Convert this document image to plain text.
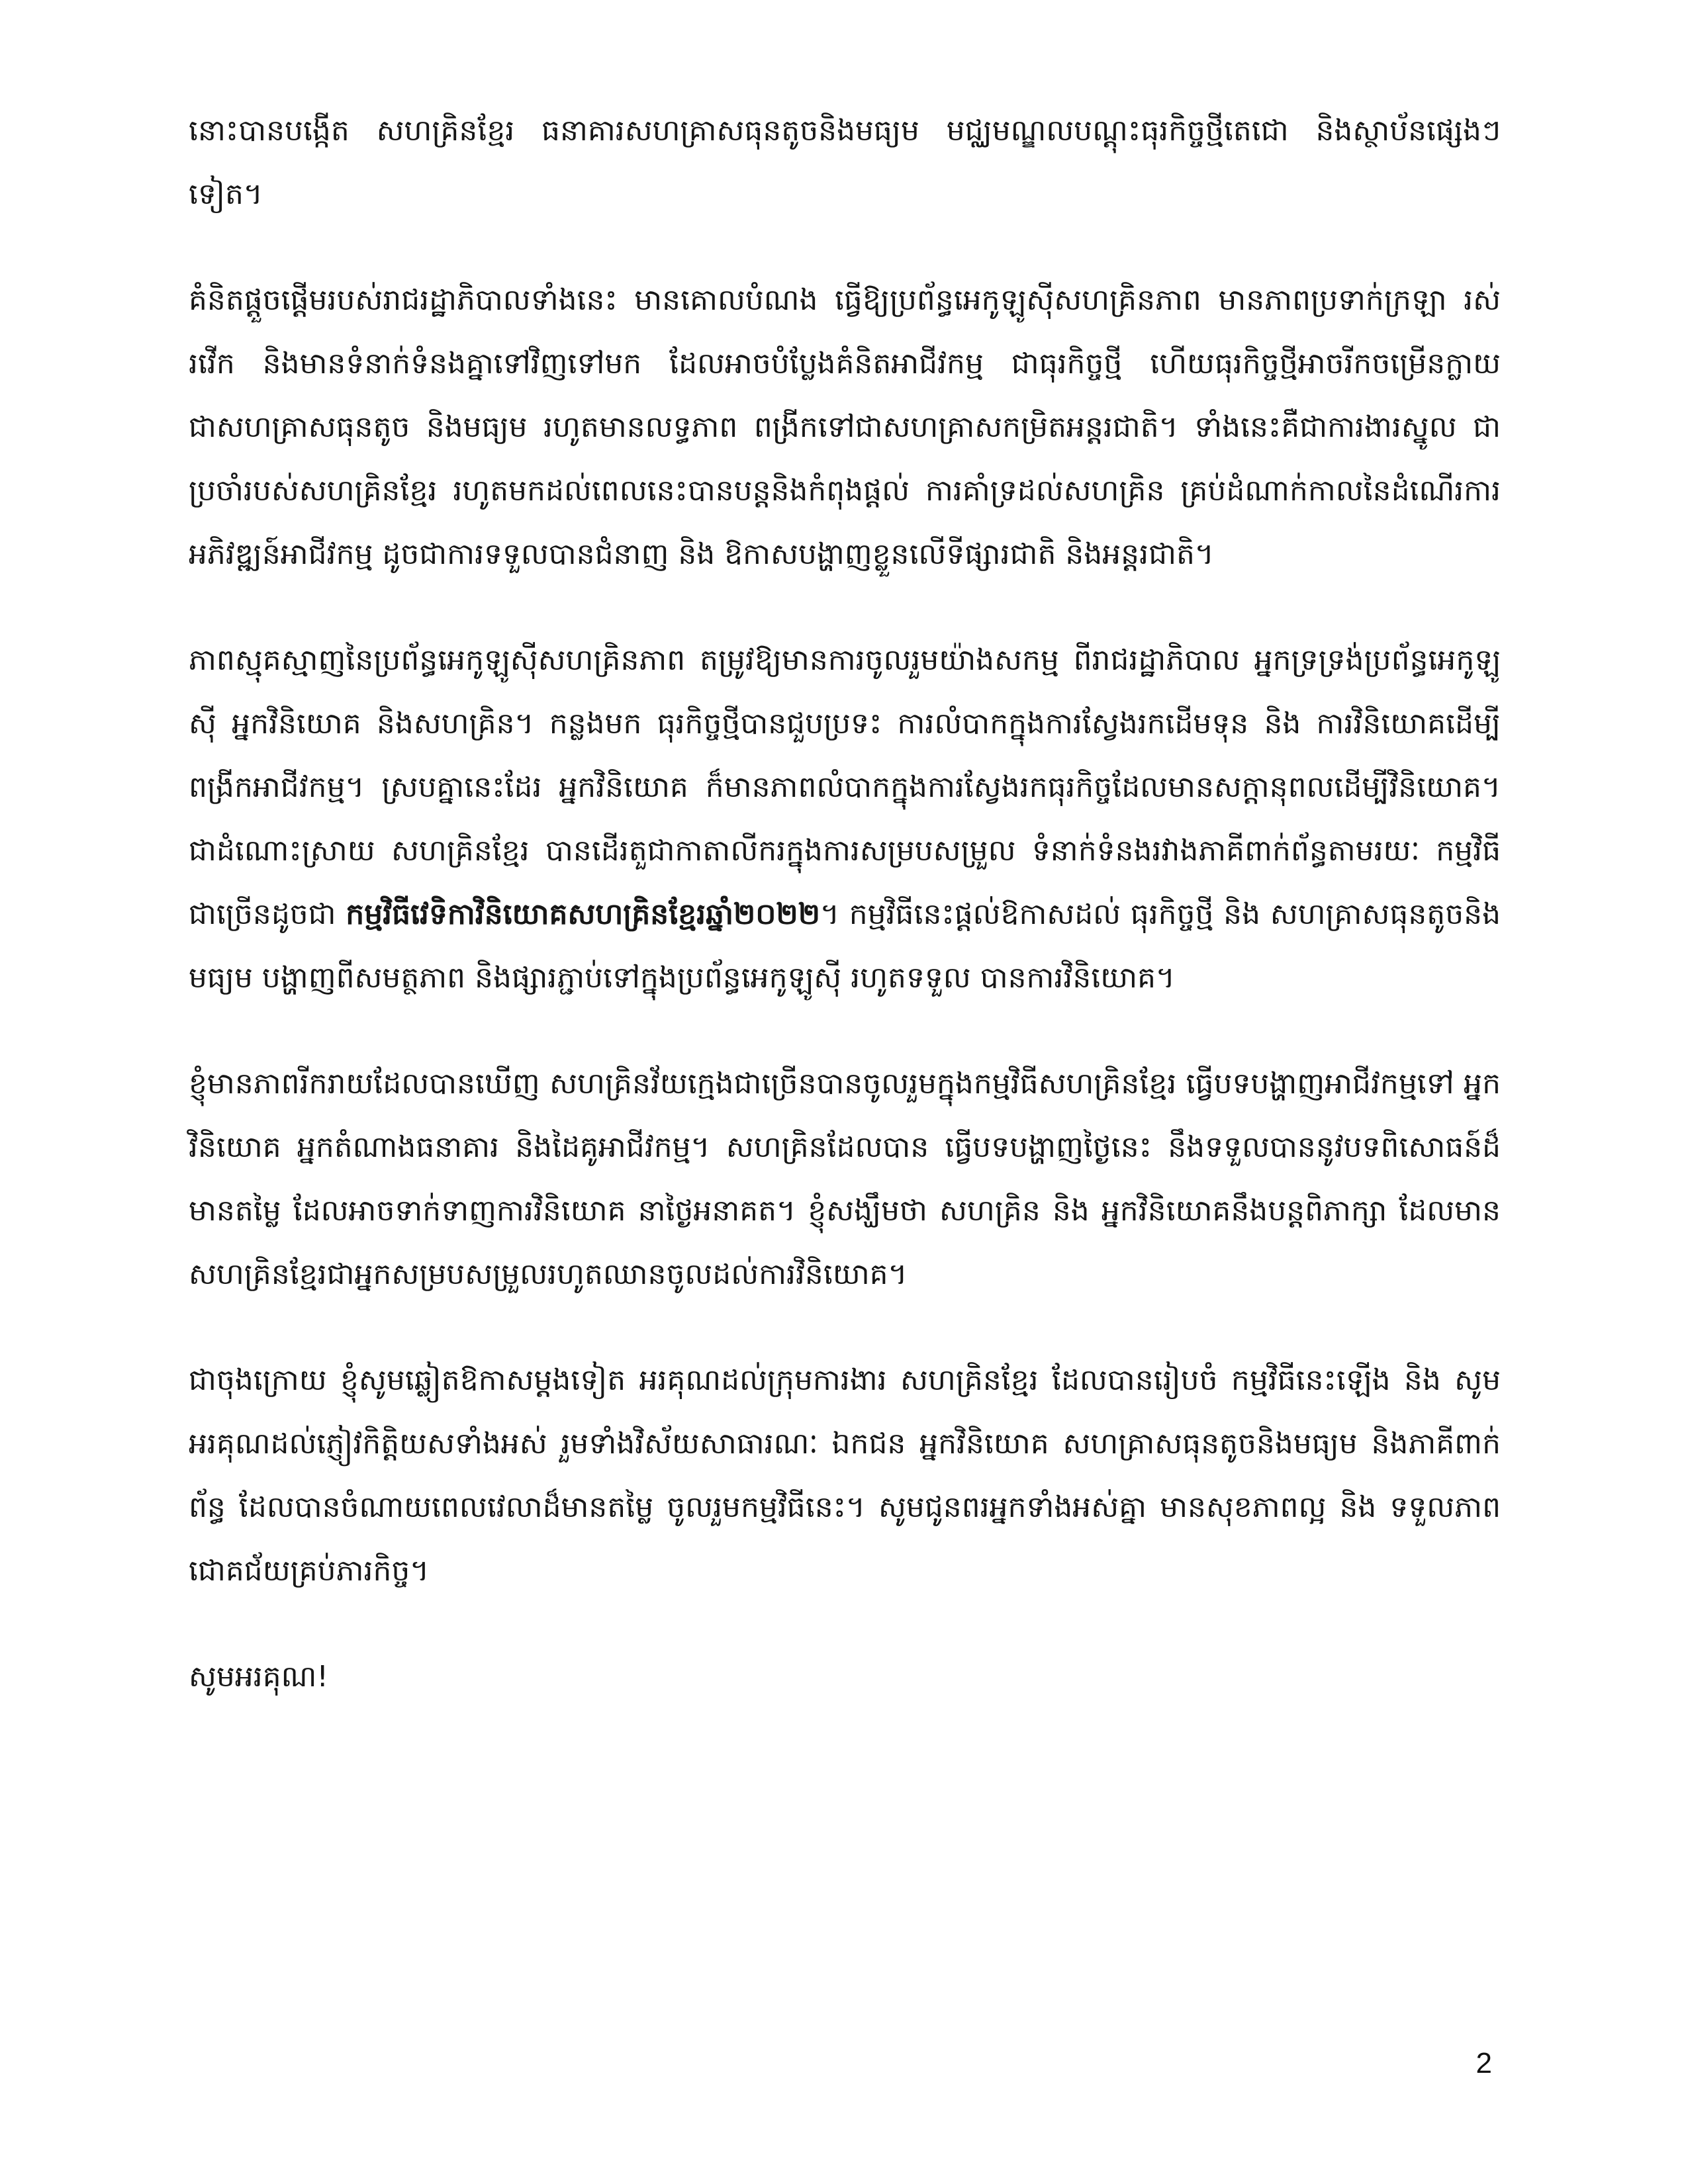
នោះបានបង្កើត សហគ្រិនខ្មែរ ធនាគារសហគ្រាសធុនតូចនិងមធ្យម មជ្ឈមណ្ឌលបណ្តុះធុរកិច្ចថ្មីតេជោ និងស្ថាប័នផ្សេងៗទៀត។
គំនិតផ្តួចផ្តើមរបស់រាជរដ្ឋាភិបាលទាំងនេះ មានគោលបំណង ធ្វើឱ្យប្រព័ន្ធអេកូឡូស៊ីសហគ្រិនភាព មានភាពប្រទាក់ក្រឡា រស់រវើក និងមានទំនាក់ទំនងគ្នាទៅវិញទៅមក ដែលអាចបំប្លែងគំនិតអាជីវកម្ម ជាធុរកិច្ចថ្មី ហើយធុរកិច្ចថ្មីអាចរីកចម្រើនក្លាយជាសហគ្រាសធុនតូច និងមធ្យម រហូតមានលទ្ធភាព ពង្រីកទៅជាសហគ្រាសកម្រិតអន្តរជាតិ។ ទាំងនេះគឺជាការងារស្នូល ជាប្រចាំរបស់សហគ្រិនខ្មែរ រហូតមកដល់ពេលនេះបានបន្តនិងកំពុងផ្តល់ ការគាំទ្រដល់សហគ្រិន គ្រប់ដំណាក់កាលនៃដំណើរការ អភិវឌ្ឍន៍អាជីវកម្ម ដូចជាការទទួលបានជំនាញ និង ឱកាសបង្ហាញខ្លួនលើទីផ្សារជាតិ និងអន្តរជាតិ។
ភាពស្មុគស្មាញនៃប្រព័ន្ធអេកូឡូស៊ីសហគ្រិនភាព តម្រូវឱ្យមានការចូលរួមយ៉ាងសកម្ម ពីរាជរដ្ឋាភិបាល អ្នកទ្រទ្រង់ប្រព័ន្ធអេកូឡូស៊ី អ្នកវិនិយោគ និងសហគ្រិន។ កន្លងមក ធុរកិច្ចថ្មីបានជួបប្រទះ ការលំបាកក្នុងការស្វែងរកដើមទុន និង ការវិនិយោគដើម្បីពង្រីកអាជីវកម្ម។ ស្របគ្នានេះដែរ អ្នកវិនិយោគ ក៏មានភាពលំបាកក្នុងការស្វែងរកធុរកិច្ចដែលមានសក្តានុពលដើម្បីវិនិយោគ។ ជាដំណោះស្រាយ សហគ្រិនខ្មែរ បានដើរតួជាកាតាលីករក្នុងការសម្របសម្រួល ទំនាក់ទំនងរវាងភាគីពាក់ព័ន្ធតាមរយៈ កម្មវិធីជាច្រើនដូចជា កម្មវិធីវេទិកាវិនិយោគសហគ្រិនខ្មែរឆ្នាំ២០២២។ កម្មវិធីនេះផ្តល់ឱកាសដល់ ធុរកិច្ចថ្មី និង សហគ្រាសធុនតូចនិងមធ្យម បង្ហាញពីសមត្ថភាព និងផ្សារភ្ជាប់ទៅក្នុងប្រព័ន្ធអេកូឡូស៊ី រហូតទទួល បានការវិនិយោគ។
ខ្ញុំមានភាពរីករាយដែលបានឃើញ សហគ្រិនវ័យក្មេងជាច្រើនបានចូលរួមក្នុងកម្មវិធីសហគ្រិនខ្មែរ ធ្វើបទបង្ហាញអាជីវកម្មទៅ អ្នកវិនិយោគ អ្នកតំណាងធនាគារ និងដៃគូអាជីវកម្ម។ សហគ្រិនដែលបាន ធ្វើបទបង្ហាញថ្ងៃនេះ នឹងទទួលបាននូវបទពិសោធន៍ដ៏មានតម្លៃ ដែលអាចទាក់ទាញការវិនិយោគ នាថ្ងៃអនាគត។ ខ្ញុំសង្ឃឹមថា សហគ្រិន និង អ្នកវិនិយោគនឹងបន្តពិភាក្សា ដែលមាន សហគ្រិនខ្មែរជាអ្នកសម្របសម្រួលរហូតឈានចូលដល់ការវិនិយោគ។
ជាចុងក្រោយ ខ្ញុំសូមឆ្លៀតឱកាសម្តងទៀត អរគុណដល់ក្រុមការងារ សហគ្រិនខ្មែរ ដែលបានរៀបចំ កម្មវិធីនេះឡើង និង សូមអរគុណដល់ភ្ញៀវកិត្តិយសទាំងអស់ រួមទាំងវិស័យសាធារណៈ ឯកជន អ្នកវិនិយោគ សហគ្រាសធុនតូចនិងមធ្យម និងភាគីពាក់ព័ន្ធ ដែលបានចំណាយពេលវេលាដ៏មានតម្លៃ ចូលរួមកម្មវិធីនេះ។ សូមជូនពរអ្នកទាំងអស់គ្នា មានសុខភាពល្អ និង ទទួលភាពជោគជ័យគ្រប់ភារកិច្ច។
សូមអរគុណ!
2
